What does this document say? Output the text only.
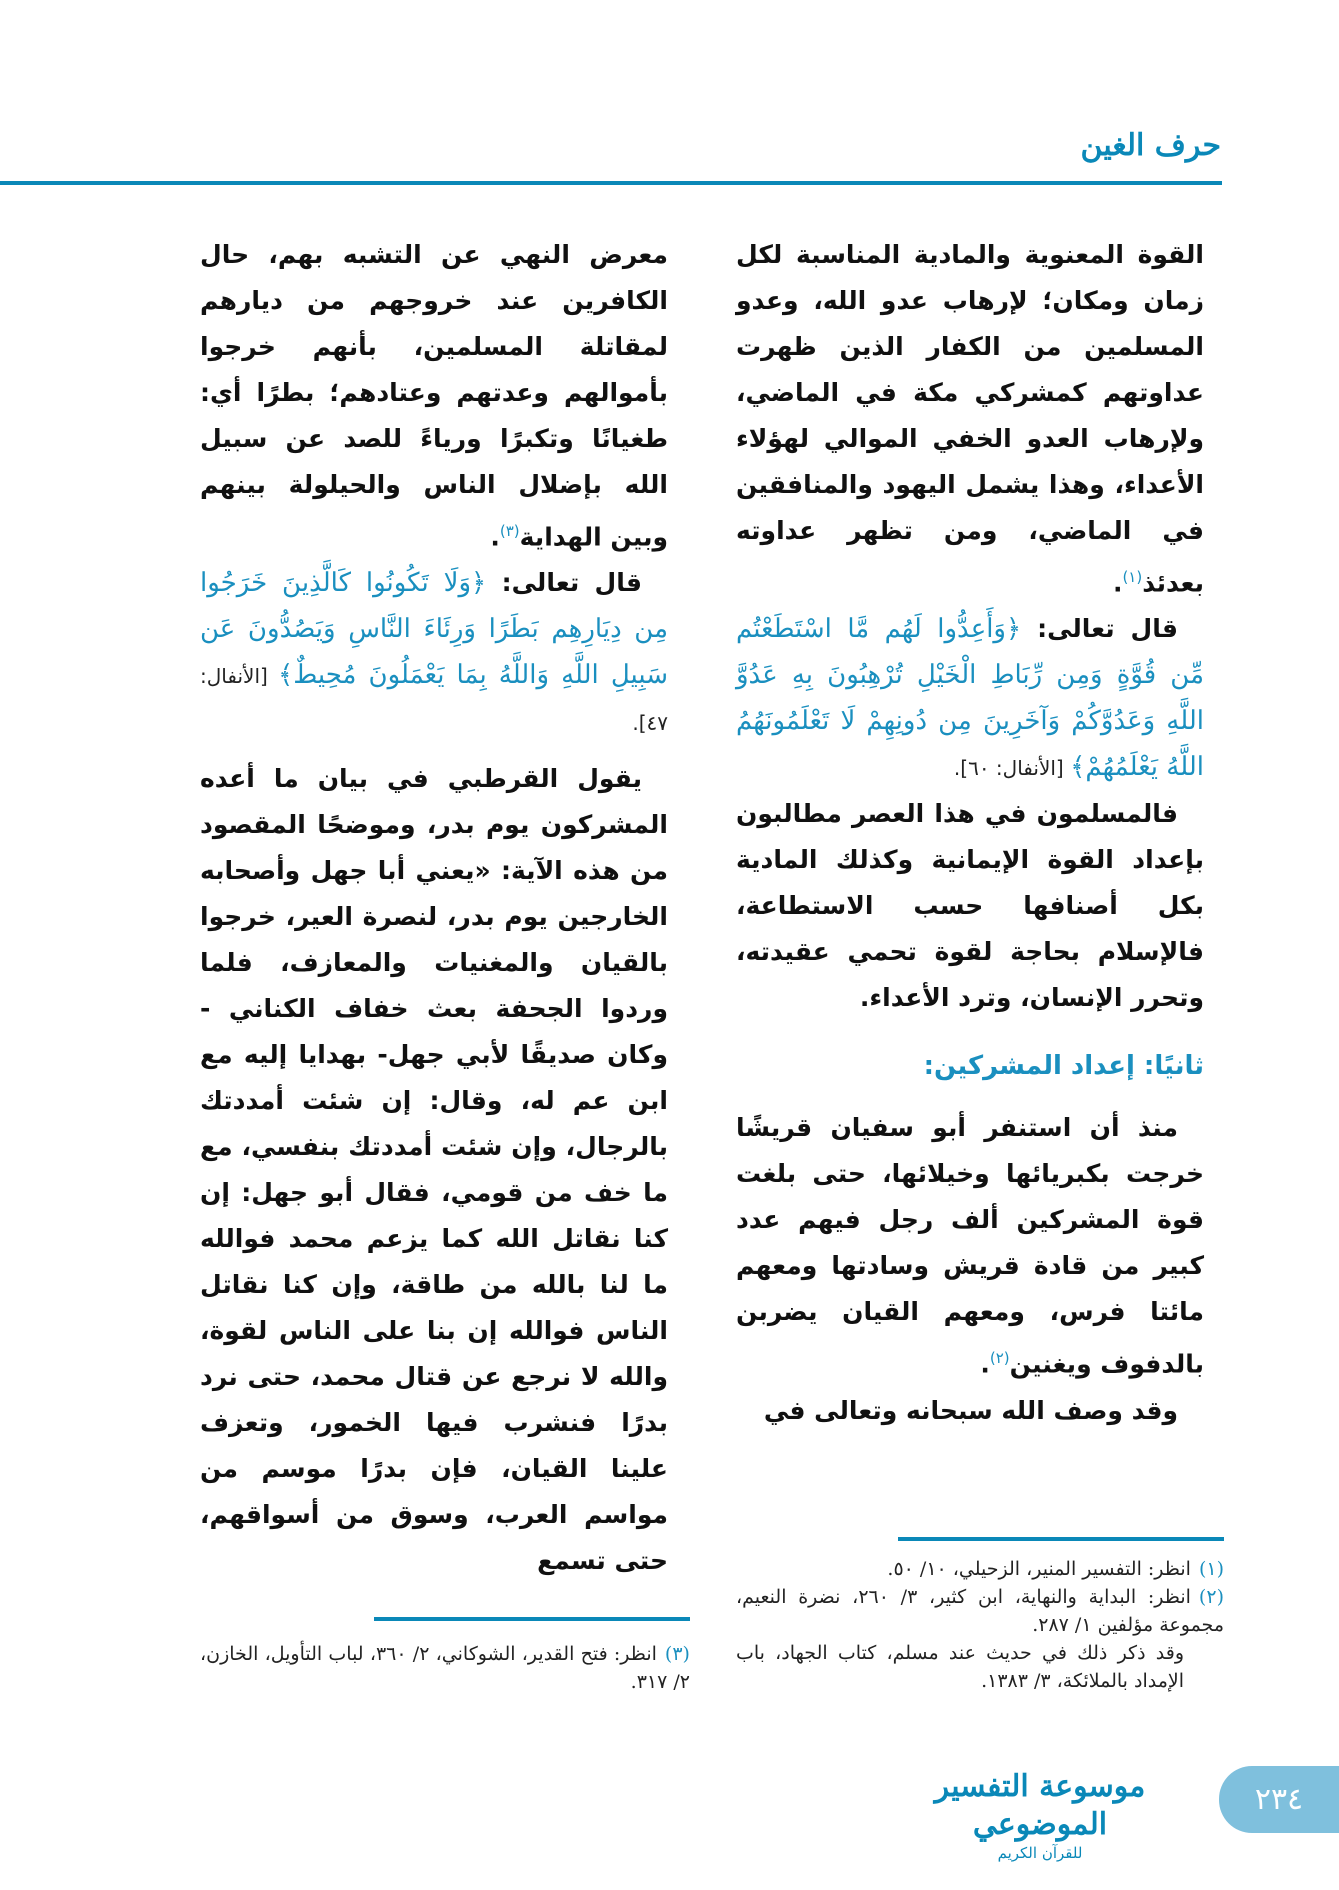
حرف الغين

القوة المعنوية والمادية المناسبة لكل زمان ومكان؛ لإرهاب عدو الله، وعدو المسلمين من الكفار الذين ظهرت عداوتهم كمشركي مكة في الماضي، ولإرهاب العدو الخفي الموالي لهؤلاء الأعداء، وهذا يشمل اليهود والمنافقين في الماضي، ومن تظهر عداوته بعدئذ$^{(١)}$.

قال تعالى: ﴿وَأَعِدُّوا لَهُم مَّا اسْتَطَعْتُم مِّن قُوَّةٍ وَمِن رِّبَاطِ الْخَيْلِ تُرْهِبُونَ بِهِ عَدُوَّ اللَّهِ وَعَدُوَّكُمْ وَآخَرِينَ مِن دُونِهِمْ لَا تَعْلَمُونَهُمُ اللَّهُ يَعْلَمُهُمْ﴾ [الأنفال: ٦٠].

فالمسلمون في هذا العصر مطالبون بإعداد القوة الإيمانية وكذلك المادية بكل أصنافها حسب الاستطاعة، فالإسلام بحاجة لقوة تحمي عقيدته، وتحرر الإنسان، وترد الأعداء.

ثانيًا: إعداد المشركين:

منذ أن استنفر أبو سفيان قريشًا خرجت بكبريائها وخيلائها، حتى بلغت قوة المشركين ألف رجل فيهم عدد كبير من قادة قريش وسادتها ومعهم مائتا فرس، ومعهم القيان يضربن بالدفوف ويغنين$^{(٢)}$.

وقد وصف الله سبحانه وتعالى في

معرض النهي عن التشبه بهم، حال الكافرين عند خروجهم من ديارهم لمقاتلة المسلمين، بأنهم خرجوا بأموالهم وعدتهم وعتادهم؛ بطرًا أي: طغيانًا وتكبرًا ورياءً للصد عن سبيل الله بإضلال الناس والحيلولة بينهم وبين الهداية$^{(٣)}$.

قال تعالى: ﴿وَلَا تَكُونُوا كَالَّذِينَ خَرَجُوا مِن دِيَارِهِم بَطَرًا وَرِئَاءَ النَّاسِ وَيَصُدُّونَ عَن سَبِيلِ اللَّهِ وَاللَّهُ بِمَا يَعْمَلُونَ مُحِيطٌ﴾ [الأنفال: ٤٧].

يقول القرطبي في بيان ما أعده المشركون يوم بدر، وموضحًا المقصود من هذه الآية: «يعني أبا جهل وأصحابه الخارجين يوم بدر، لنصرة العير، خرجوا بالقيان والمغنيات والمعازف، فلما وردوا الجحفة بعث خفاف الكناني - وكان صديقًا لأبي جهل- بهدايا إليه مع ابن عم له، وقال: إن شئت أمددتك بالرجال، وإن شئت أمددتك بنفسي، مع ما خف من قومي، فقال أبو جهل: إن كنا نقاتل الله كما يزعم محمد فوالله ما لنا بالله من طاقة، وإن كنا نقاتل الناس فوالله إن بنا على الناس لقوة، والله لا نرجع عن قتال محمد، حتى نرد بدرًا فنشرب فيها الخمور، وتعزف علينا القيان، فإن بدرًا موسم من مواسم العرب، وسوق من أسواقهم، حتى تسمع	(١)انظر: التفسير المنير، الزحيلي، ١٠/ ٥٠.

(٢)انظر: البداية والنهاية، ابن كثير، ٣/ ٢٦٠، نضرة النعيم، مجموعة مؤلفين ١/ ٢٨٧.

وقد ذكر ذلك في حديث عند مسلم، كتاب الجهاد، باب الإمداد بالملائكة، ٣/ ١٣٨٣.

(٣)انظر: فتح القدير، الشوكاني، ٢/ ٣٦٠، لباب التأويل، الخازن، ٢/ ٣١٧.

موسوعة التفسير الموضوعي
للقرآن الكريم
٢٣٤
